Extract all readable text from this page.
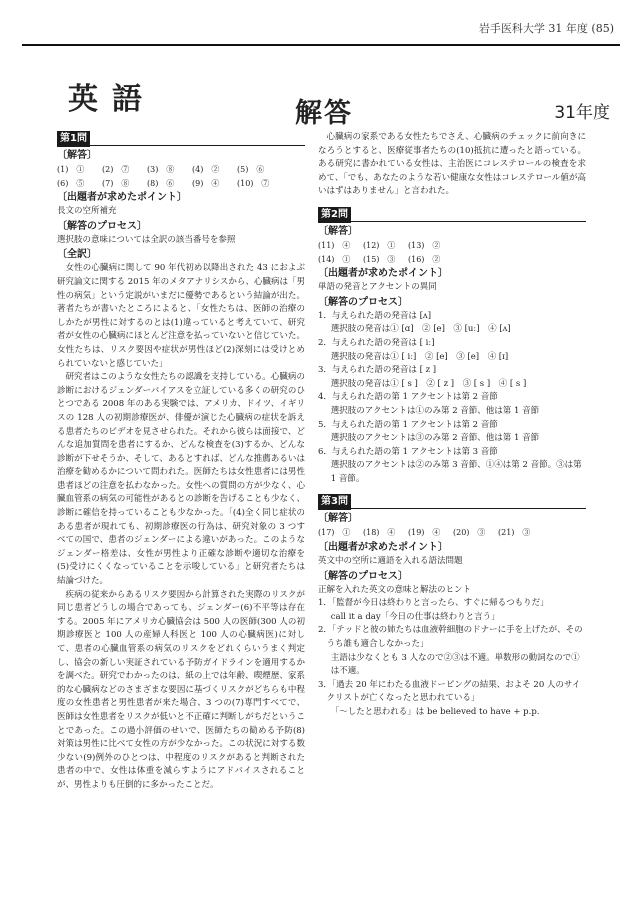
岩手医科大学 31 年度 (85)
英語	解答	31年度
第1問
〔解答〕
(1)　①	(2)　⑦	(3)　⑧	(4)　②	(5)　⑥
(6)　⑤	(7)　⑧	(8)　⑥	(9)　④	(10)　⑦
〔出題者が求めたポイント〕
長文の空所補充
〔解答のプロセス〕
選択肢の意味については全訳の該当番号を参照
〔全訳〕

女性の心臓病に関して 90 年代初め以降出された 43 におよぶ研究論文に関する 2015 年のメタアナリシスから、心臓病は「男性の病気」という定説がいまだに優勢であるという結論が出た。著者たちが書いたところによると、「女性たちは、医師の治療のしかたが男性に対するのとは(1)違っていると考えていて、研究者が女性の心臓病にほとんど注意を払っていないと信じていた。女性たちは、リスク要因や症状が男性ほど(2)深刻には受けとめられていないと感じていた」

研究者はこのような女性たちの認識を支持している。心臓病の診断におけるジェンダーバイアスを立証している多くの研究のひとつである 2008 年のある実験では、アメリカ、ドイツ、イギリスの 128 人の初期診療医が、俳優が演じた心臓病の症状を訴える患者たちのビデオを見させられた。それから彼らは面接で、どんな追加質問を患者にするか、どんな検査を(3)するか、どんな診断が下せそうか、そして、あるとすれば、どんな推薦あるいは治療を勧めるかについて問われた。医師たちは女性患者には男性患者ほどの注意を払わなかった。女性への質問の方が少なく、心臓血管系の病気の可能性があるとの診断を告げることも少なく、診断に確信を持っていることも少なかった。「(4)全く同じ症状のある患者が現れても、初期診療医の行為は、研究対象の 3 つすべての国で、患者のジェンダーによる違いがあった。このようなジェンダー格差は、女性が男性より正確な診断や適切な治療を(5)受けにくくなっていることを示唆している」と研究者たちは結論づけた。

疾病の従来からあるリスク要因から計算された実際のリスクが同じ患者どうしの場合であっても、ジェンダー(6)不平等は存在する。2005 年にアメリカ心臓協会は 500 人の医師(300 人の初期診療医と 100 人の産婦人科医と 100 人の心臓病医)に対して、患者の心臓血管系の病気のリスクをどれくらいうまく判定し、協会の新しい実証されている予防ガイドラインを適用するかを調べた。研究でわかったのは、紙の上では年齢、喫煙歴、家系的な心臓病などのさまざまな要因に基づくリスクがどちらも中程度の女性患者と男性患者が来た場合、3 つの(7)専門すべてで、医師は女性患者をリスクが低いと不正確に判断しがちだということであった。この過小評価のせいで、医師たちの勧める予防(8)対策は男性に比べて女性の方が少なかった。この状況に対する数少ない(9)例外のひとつは、中程度のリスクがあると判断された患者の中で、女性は体重を減らすようにアドバイスされることが、男性よりも圧倒的に多かったことだ。

心臓病の家系である女性たちでさえ、心臓病のチェックに前向きになろうとすると、医療従事者たちの(10)抵抗に遭ったと語っている。ある研究に書かれている女性は、主治医にコレステロールの検査を求めて、「でも、あなたのような若い健康な女性はコレステロール値が高いはずはありません」と言われた。

第2問
〔解答〕
(11)　④	(12)　①	(13)　②
(14)　①	(15)　③	(16)　②
〔出題者が求めたポイント〕
単語の発音とアクセントの異同
〔解答のプロセス〕

1．与えられた語の発音は [ʌ]

選択肢の発音は① [ɑ]　② [e]　③ [uː]　④ [ʌ]

2．与えられた語の発音は [ iː]

選択肢の発音は① [ iː]　② [e]　③ [e]　④ [ɪ]

3．与えられた語の発音は [ z ]

選択肢の発音は① [ s ]　② [ z ]　③ [ s ]　④ [ s ]

4．与えられた語の第 1 アクセントは第 2 音節

選択肢のアクセントは①のみ第 2 音節、他は第 1 音節

5．与えられた語の第 1 アクセントは第 2 音節

選択肢のアクセントは③のみ第 2 音節、他は第 1 音節

6．与えられた語の第 1 アクセントは第 3 音節

選択肢のアクセントは②のみ第 3 音節、①④は第 2 音節。③は第 1 音節。

第3問
〔解答〕
(17)　①	(18)　④	(19)　④	(20)　③	(21)　③
〔出題者が求めたポイント〕
英文中の空所に適語を入れる語法問題
〔解答のプロセス〕
正解を入れた英文の意味と解法のヒント

1．「監督が今日は終わりと言ったら、すぐに帰るつもりだ」

call it a day「今日の仕事は終わりと言う」

2．「テッドと彼の姉たちは血液幹細胞のドナーに手を上げたが、そのうち誰も適合しなかった」

主語は少なくとも 3 人なので②③は不適。単数形の動詞なので①は不適。

3．「過去 20 年にわたる血液ドーピングの結果、およそ 20 人のサイクリストが亡くなったと思われている」

「〜したと思われる」は be believed to have + p.p.
